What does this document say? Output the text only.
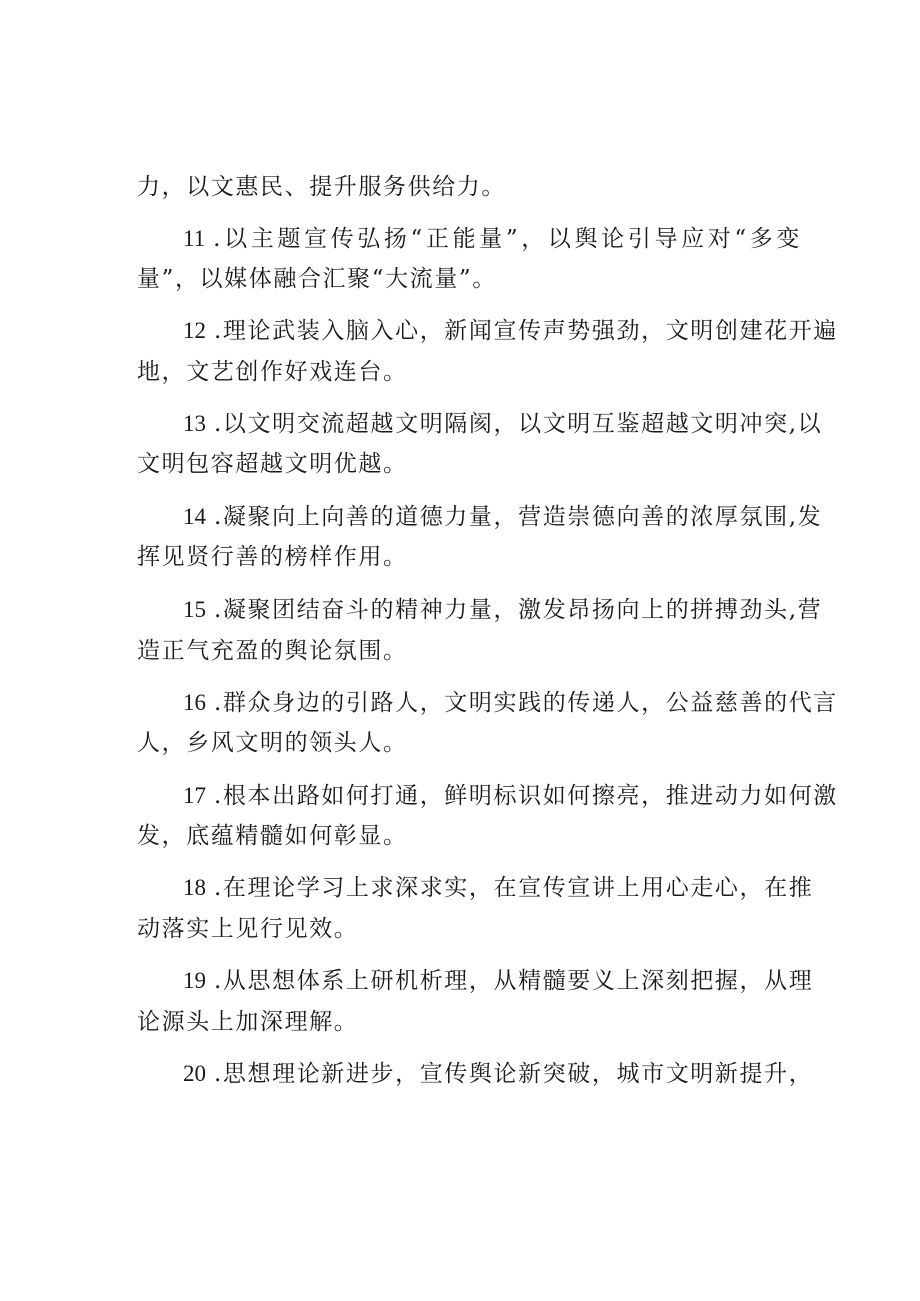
力，以文惠民、提升服务供给力。
11 .以主题宣传弘扬“正能量”，以舆论引导应对“多变
量”，以媒体融合汇聚“大流量”。
12 .理论武装入脑入心，新闻宣传声势强劲，文明创建花开遍
地，文艺创作好戏连台。
13 .以文明交流超越文明隔阂，以文明互鉴超越文明冲突,以
文明包容超越文明优越。
14 .凝聚向上向善的道德力量，营造崇德向善的浓厚氛围,发
挥见贤行善的榜样作用。
15 .凝聚团结奋斗的精神力量，激发昂扬向上的拼搏劲头,营
造正气充盈的舆论氛围。
16 .群众身边的引路人，文明实践的传递人，公益慈善的代言
人，乡风文明的领头人。
17 .根本出路如何打通，鲜明标识如何擦亮，推进动力如何激
发，底蕴精髓如何彰显。
18 .在理论学习上求深求实，在宣传宣讲上用心走心，在推
动落实上见行见效。
19 .从思想体系上研机析理，从精髓要义上深刻把握，从理
论源头上加深理解。
20 .思想理论新进步，宣传舆论新突破，城市文明新提升，
